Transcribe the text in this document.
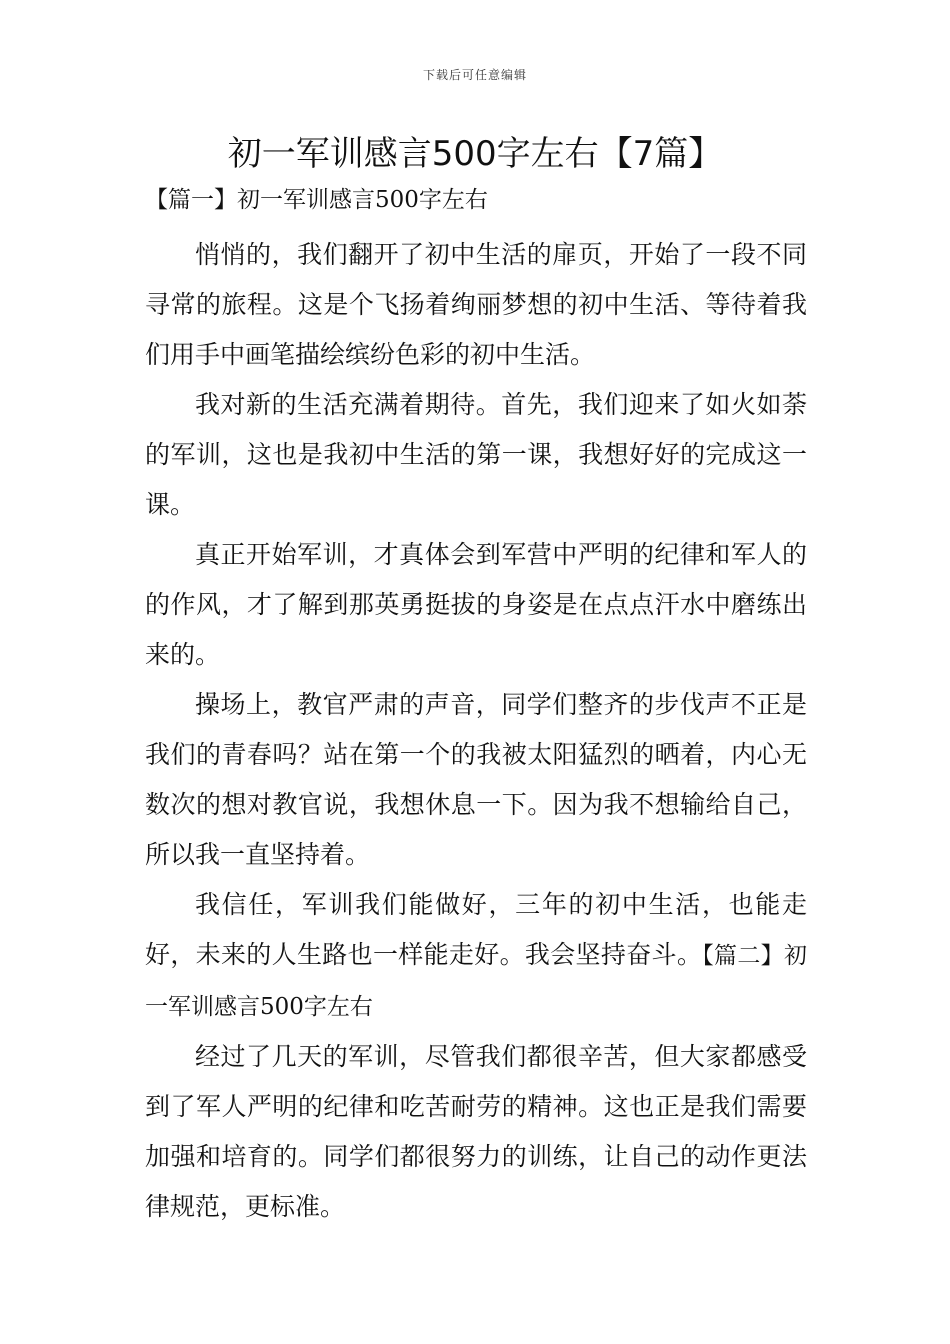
下载后可任意编辑
初一军训感言500字左右【7篇】
【篇一】初一军训感言500字左右

悄悄的，我们翻开了初中生活的扉页，开始了一段不同寻常的旅程。这是个飞扬着绚丽梦想的初中生活、等待着我们用手中画笔描绘缤纷色彩的初中生活。

我对新的生活充满着期待。首先，我们迎来了如火如荼的军训，这也是我初中生活的第一课，我想好好的完成这一课。

真正开始军训，才真体会到军营中严明的纪律和军人的的作风，才了解到那英勇挺拔的身姿是在点点汗水中磨练出来的。

操场上，教官严肃的声音，同学们整齐的步伐声不正是我们的青春吗？站在第一个的我被太阳猛烈的晒着，内心无数次的想对教官说，我想休息一下。因为我不想输给自己，所以我一直坚持着。

我信任，军训我们能做好，三年的初中生活，也能走好，未来的人生路也一样能走好。我会坚持奋斗。【篇二】初一军训感言500字左右

经过了几天的军训，尽管我们都很辛苦，但大家都感受到了军人严明的纪律和吃苦耐劳的精神。这也正是我们需要加强和培育的。同学们都很努力的训练，让自己的动作更法律规范，更标准。
